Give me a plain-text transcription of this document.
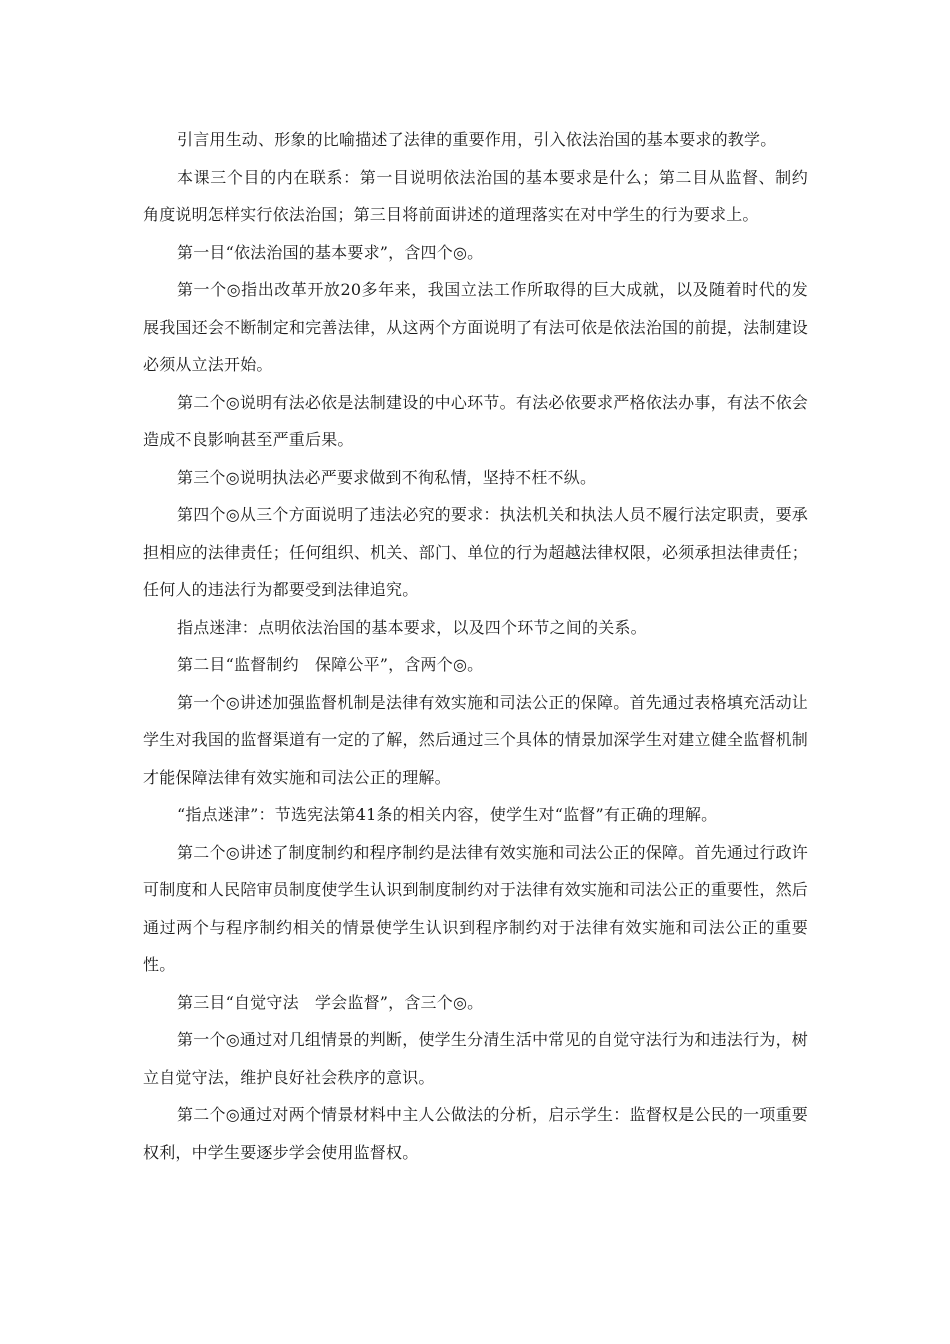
引言用生动、形象的比喻描述了法律的重要作用，引入依法治国的基本要求的教学。

本课三个目的内在联系：第一目说明依法治国的基本要求是什么；第二目从监督、制约角度说明怎样实行依法治国；第三目将前面讲述的道理落实在对中学生的行为要求上。

第一目“依法治国的基本要求”，含四个◎。

第一个◎指出改革开放20多年来，我国立法工作所取得的巨大成就，以及随着时代的发展我国还会不断制定和完善法律，从这两个方面说明了有法可依是依法治国的前提，法制建设必须从立法开始。

第二个◎说明有法必依是法制建设的中心环节。有法必依要求严格依法办事，有法不依会造成不良影响甚至严重后果。

第三个◎说明执法必严要求做到不徇私情，坚持不枉不纵。

第四个◎从三个方面说明了违法必究的要求：执法机关和执法人员不履行法定职责，要承担相应的法律责任；任何组织、机关、部门、单位的行为超越法律权限，必须承担法律责任；任何人的违法行为都要受到法律追究。

指点迷津：点明依法治国的基本要求，以及四个环节之间的关系。

第二目“监督制约　保障公平”，含两个◎。

第一个◎讲述加强监督机制是法律有效实施和司法公正的保障。首先通过表格填充活动让学生对我国的监督渠道有一定的了解，然后通过三个具体的情景加深学生对建立健全监督机制才能保障法律有效实施和司法公正的理解。

“指点迷津”：节选宪法第41条的相关内容，使学生对“监督”有正确的理解。

第二个◎讲述了制度制约和程序制约是法律有效实施和司法公正的保障。首先通过行政许可制度和人民陪审员制度使学生认识到制度制约对于法律有效实施和司法公正的重要性，然后通过两个与程序制约相关的情景使学生认识到程序制约对于法律有效实施和司法公正的重要性。

第三目“自觉守法　学会监督”，含三个◎。

第一个◎通过对几组情景的判断，使学生分清生活中常见的自觉守法行为和违法行为，树立自觉守法，维护良好社会秩序的意识。

第二个◎通过对两个情景材料中主人公做法的分析，启示学生：监督权是公民的一项重要权利，中学生要逐步学会使用监督权。
